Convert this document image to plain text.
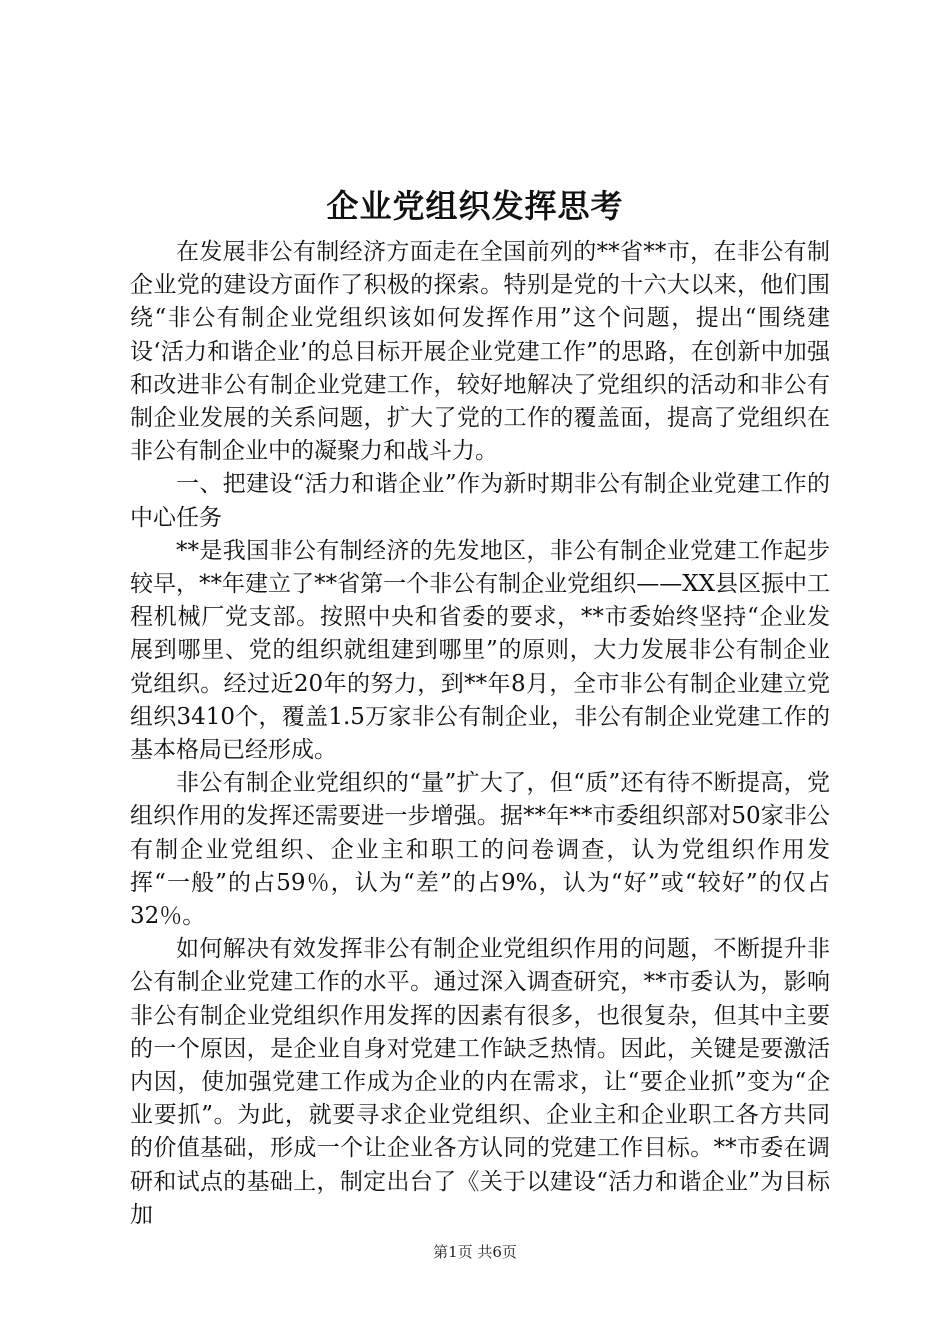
企业党组织发挥思考

在发展非公有制经济方面走在全国前列的**省**市，在非公有制企业党的建设方面作了积极的探索。特别是党的十六大以来，他们围绕“非公有制企业党组织该如何发挥作用”这个问题，提出“围绕建设‘活力和谐企业’的总目标开展企业党建工作”的思路，在创新中加强和改进非公有制企业党建工作，较好地解决了党组织的活动和非公有制企业发展的关系问题，扩大了党的工作的覆盖面，提高了党组织在非公有制企业中的凝聚力和战斗力。

一、把建设“活力和谐企业”作为新时期非公有制企业党建工作的中心任务

**是我国非公有制经济的先发地区，非公有制企业党建工作起步较早，**年建立了**省第一个非公有制企业党组织——XX县区振中工程机械厂党支部。按照中央和省委的要求，**市委始终坚持“企业发展到哪里、党的组织就组建到哪里”的原则，大力发展非公有制企业党组织。经过近20年的努力，到**年8月，全市非公有制企业建立党组织3410个，覆盖1.5万家非公有制企业，非公有制企业党建工作的基本格局已经形成。

非公有制企业党组织的“量”扩大了，但“质”还有待不断提高，党组织作用的发挥还需要进一步增强。据**年**市委组织部对50家非公有制企业党组织、企业主和职工的问卷调查，认为党组织作用发挥“一般”的占59％，认为“差”的占9%，认为“好”或“较好”的仅占32％。

如何解决有效发挥非公有制企业党组织作用的问题，不断提升非公有制企业党建工作的水平。通过深入调查研究，**市委认为，影响非公有制企业党组织作用发挥的因素有很多，也很复杂，但其中主要的一个原因，是企业自身对党建工作缺乏热情。因此，关键是要激活内因，使加强党建工作成为企业的内在需求，让“要企业抓”变为“企业要抓”。为此，就要寻求企业党组织、企业主和企业职工各方共同的价值基础，形成一个让企业各方认同的党建工作目标。**市委在调研和试点的基础上，制定出台了《关于以建设“活力和谐企业”为目标加

第1页 共6页
